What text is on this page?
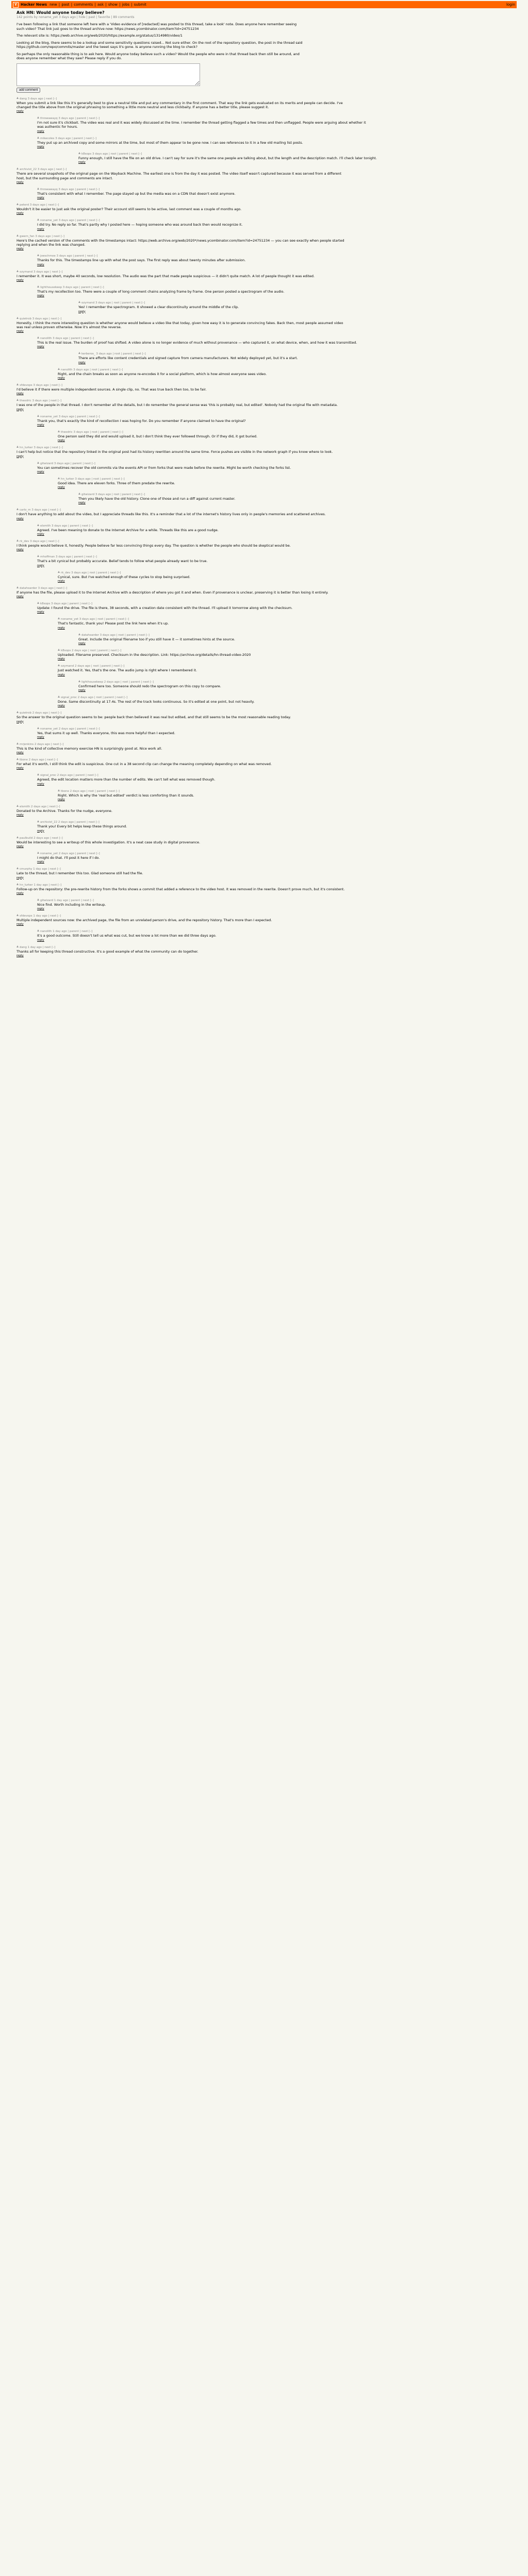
Y Hacker News new | past | comments | ask | show | jobs | submit	login
Ask HN: Would anyone today believe?
142 points by noname_yet 3 days ago | hide | past | favorite | 89 comments

I've been following a link that someone left here with a 'Video evidence of [redacted] was posted to this thread, take a look' note. Does anyone here remember seeing such video? That link just goes to the thread archive now: https://news.ycombinator.com/item?id=24751234

The relevant site is: https://web.archive.org/web/2020/https://example.org/status/1314980/video/1

Looking at the blog, there seems to be a lookup and some sensitivity questions raised... Not sure either. On the root of the repository question, the post in the thread said https://github.com/repo/commits/master and the tweet says it's gone. Is anyone running the blog to check?

So perhaps the only reasonable thing is to ask here. Would anyone today believe such a video? Would the people who were in that thread back then still be around, and does anyone remember what they saw? Please reply if you do.

add comment
dang 3 days ago | next [–]
When you submit a link like this it's generally best to give a neutral title and put any commentary in the first comment. That way the link gets evaluated on its merits and people can decide. I've changed the title above from the original phrasing to something a little more neutral and less clickbaity. If anyone has a better title, please suggest it.
reply
throwawayq 3 days ago | parent | next [–]
I'm not sure it's clickbait. The video was real and it was widely discussed at the time. I remember the thread getting flagged a few times and then unflagged. People were arguing about whether it was authentic for hours.
reply
mikecoles 3 days ago | parent | next [–]
They put up an archived copy and some mirrors at the time, but most of them appear to be gone now. I can see references to it in a few old mailing list posts.
reply
k8sops 3 days ago | root | parent | next [–]
Funny enough, I still have the file on an old drive. I can't say for sure it's the same one people are talking about, but the length and the description match. I'll check later tonight.
reply
archivist_22 3 days ago | next [–]
There are several snapshots of the original page on the Wayback Machine. The earliest one is from the day it was posted. The video itself wasn't captured because it was served from a different host, but the surrounding page and comments are intact.
reply
throwawayq 3 days ago | parent | next [–]
That's consistent with what I remember. The page stayed up but the media was on a CDN that doesn't exist anymore.
reply
peterd 3 days ago | next [–]
Wouldn't it be easier to just ask the original poster? Their account still seems to be active, last comment was a couple of months ago.
reply
noname_yet 3 days ago | parent | next [–]
I did try. No reply so far. That's partly why I posted here — hoping someone who was around back then would recognize it.
reply
gwern_fan 3 days ago | next [–]
Here's the cached version of the comments with the timestamps intact: https://web.archive.org/web/2020*/news.ycombinator.com/item?id=24751234 — you can see exactly when people started replying and when the link was changed.
reply
joeschmoe 3 days ago | parent | next [–]
Thanks for this. The timestamps line up with what the post says. The first reply was about twenty minutes after submission.
reply
ozymand 3 days ago | next [–]
I remember it. It was short, maybe 40 seconds, low resolution. The audio was the part that made people suspicious — it didn't quite match. A lot of people thought it was edited.
reply
lighthousekeep 3 days ago | parent | next [–]
That's my recollection too. There were a couple of long comment chains analyzing frame by frame. One person posted a spectrogram of the audio.
reply
ozymand 3 days ago | root | parent | next [–]
Yes! I remember the spectrogram. It showed a clear discontinuity around the middle of the clip.
reply
quietrob 3 days ago | next [–]
Honestly, I think the more interesting question is whether anyone would believe a video like that today, given how easy it is to generate convincing fakes. Back then, most people assumed video was real unless proven otherwise. Now it's almost the reverse.
reply
nanolith 3 days ago | parent | next [–]
This is the real issue. The burden of proof has shifted. A video alone is no longer evidence of much without provenance — who captured it, on what device, when, and how it was transmitted.
reply
kerberos_ 3 days ago | root | parent | next [–]
There are efforts like content credentials and signed capture from camera manufacturers. Not widely deployed yet, but it's a start.
reply
nanolith 3 days ago | root | parent | next [–]
Right, and the chain breaks as soon as anyone re-encodes it for a social platform, which is how almost everyone sees video.
reply
sfdevops 3 days ago | next [–]
I'd believe it if there were multiple independent sources. A single clip, no. That was true back then too, to be fair.
reply
theodric 3 days ago | next [–]
I was one of the people in that thread. I don't remember all the details, but I do remember the general sense was 'this is probably real, but edited'. Nobody had the original file with metadata.
reply
noname_yet 3 days ago | parent | next [–]
Thank you, that's exactly the kind of recollection I was hoping for. Do you remember if anyone claimed to have the original?
reply
theodric 3 days ago | root | parent | next [–]
One person said they did and would upload it, but I don't think they ever followed through. Or if they did, it got buried.
reply
hn_lurker 3 days ago | next [–]
I can't help but notice that the repository linked in the original post had its history rewritten around the same time. Force pushes are visible in the network graph if you know where to look.
reply
gitwizard 3 days ago | parent | next [–]
You can sometimes recover the old commits via the events API or from forks that were made before the rewrite. Might be worth checking the forks list.
reply
hn_lurker 3 days ago | root | parent | next [–]
Good idea. There are eleven forks. Three of them predate the rewrite.
reply
gitwizard 3 days ago | root | parent | next [–]
Then you likely have the old history. Clone one of those and run a diff against current master.
reply
carlo_m 3 days ago | next [–]
I don't have anything to add about the video, but I appreciate threads like this. It's a reminder that a lot of the internet's history lives only in people's memories and scattered archives.
reply
elsmith 3 days ago | parent | next [–]
Agreed. I've been meaning to donate to the Internet Archive for a while. Threads like this are a good nudge.
reply
rk_dev 3 days ago | next [–]
I think people would believe it, honestly. People believe far less convincing things every day. The question is whether the people who should be skeptical would be.
reply
mhoffman 3 days ago | parent | next [–]
That's a bit cynical but probably accurate. Belief tends to follow what people already want to be true.
reply
rk_dev 3 days ago | root | parent | next [–]
Cynical, sure. But I've watched enough of these cycles to stop being surprised.
reply
datahoarder 3 days ago | next [–]
If anyone has the file, please upload it to the Internet Archive with a description of where you got it and when. Even if provenance is unclear, preserving it is better than losing it entirely.
reply
k8sops 3 days ago | parent | next [–]
Update: I found the drive. The file is there, 38 seconds, with a creation date consistent with the thread. I'll upload it tomorrow along with the checksum.
reply
noname_yet 3 days ago | root | parent | next [–]
That's fantastic, thank you! Please post the link here when it's up.
reply
datahoarder 3 days ago | root | parent | next [–]
Great. Include the original filename too if you still have it — it sometimes hints at the source.
reply
k8sops 2 days ago | root | parent | next [–]
Uploaded. Filename preserved. Checksum in the description. Link: https://archive.org/details/hn-thread-video-2020
reply
ozymand 2 days ago | root | parent | next [–]
Just watched it. Yes, that's the one. The audio jump is right where I remembered it.
reply
lighthousekeep 2 days ago | root | parent | next [–]
Confirmed here too. Someone should redo the spectrogram on this copy to compare.
reply
signal_proc 2 days ago | root | parent | next [–]
Done. Same discontinuity at 17.4s. The rest of the track looks continuous. So it's edited at one point, but not heavily.
reply
quietrob 2 days ago | next [–]
So the answer to the original question seems to be: people back then believed it was real but edited, and that still seems to be the most reasonable reading today.
reply
noname_yet 2 days ago | parent | next [–]
Yes, that sums it up well. Thanks everyone, this was more helpful than I expected.
reply
mrjenkins 2 days ago | next [–]
This is the kind of collective memory exercise HN is surprisingly good at. Nice work all.
reply
tbone 2 days ago | next [–]
For what it's worth, I still think the edit is suspicious. One cut in a 38 second clip can change the meaning completely depending on what was removed.
reply
signal_proc 2 days ago | parent | next [–]
Agreed, the edit location matters more than the number of edits. We can't tell what was removed though.
reply
tbone 2 days ago | root | parent | next [–]
Right. Which is why the 'real but edited' verdict is less comforting than it sounds.
reply
elsmith 2 days ago | next [–]
Donated to the Archive. Thanks for the nudge, everyone.
reply
archivist_22 2 days ago | parent | next [–]
Thank you! Every bit helps keep these things around.
reply
paulbuild 2 days ago | next [–]
Would be interesting to see a writeup of this whole investigation. It's a neat case study in digital provenance.
reply
noname_yet 2 days ago | parent | next [–]
I might do that. I'll post it here if I do.
reply
cmurphy 1 day ago | next [–]
Late to the thread, but I remember this too. Glad someone still had the file.
reply
hn_lurker 1 day ago | next [–]
Follow-up on the repository: the pre-rewrite history from the forks shows a commit that added a reference to the video host. It was removed in the rewrite. Doesn't prove much, but it's consistent.
reply
gitwizard 1 day ago | parent | next [–]
Nice find. Worth including in the writeup.
reply
sfdevops 1 day ago | next [–]
Multiple independent sources now: the archived page, the file from an unrelated person's drive, and the repository history. That's more than I expected.
reply
nanolith 1 day ago | parent | next [–]
It's a good outcome. Still doesn't tell us what was cut, but we know a lot more than we did three days ago.
reply
dang 1 day ago | next [–]
Thanks all for keeping this thread constructive. It's a good example of what the community can do together.
reply
